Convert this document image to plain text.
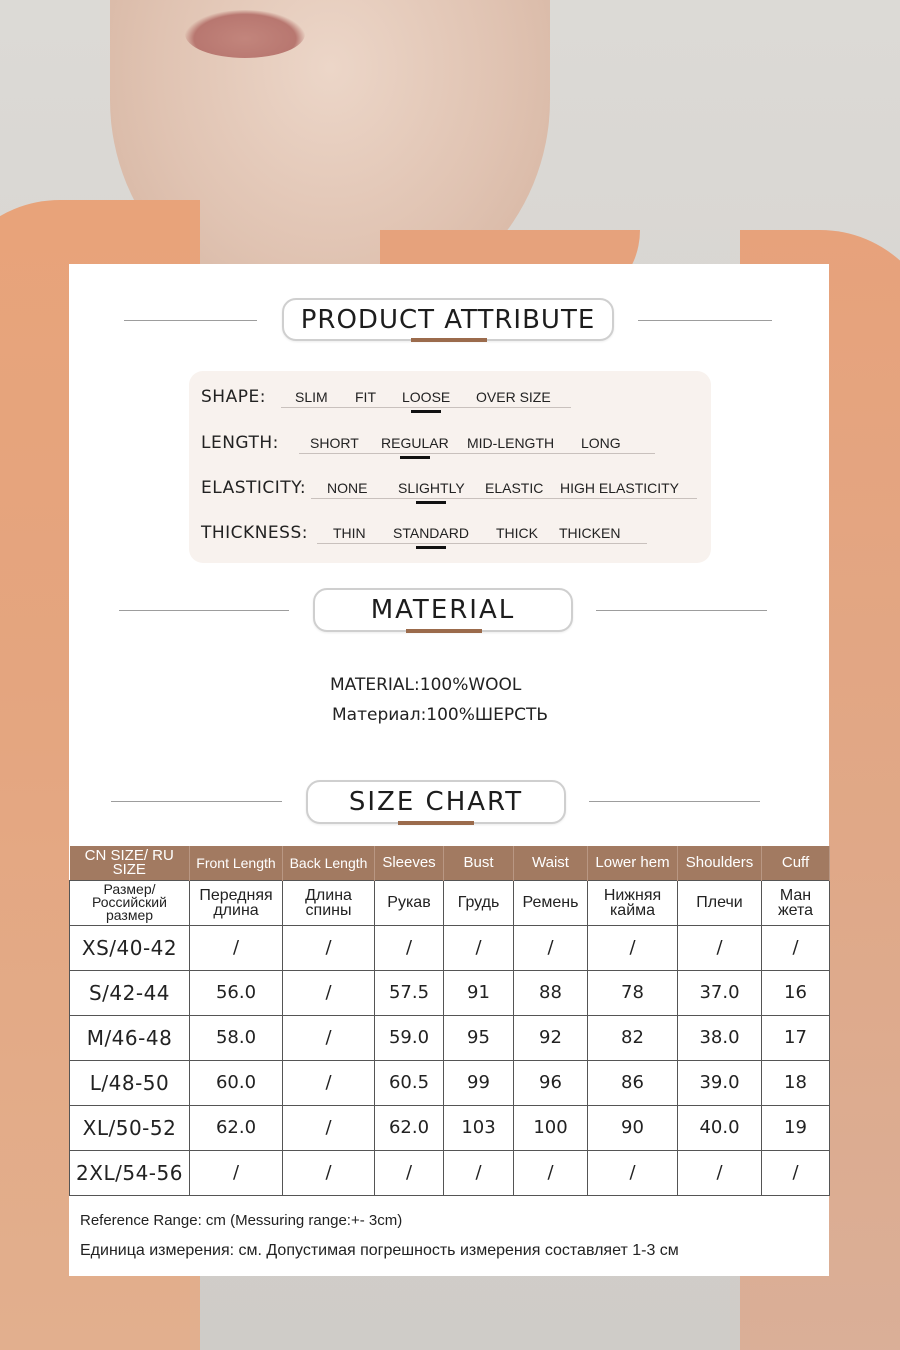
PRODUCT ATTRIBUTE
SHAPE: SLIM FIT LOOSE OVER SIZE
LENGTH: SHORT REGULAR MID-LENGTH LONG
ELASTICITY: NONE SLIGHTLY ELASTIC HIGH ELASTICITY
THICKNESS: THIN STANDARD THICK THICKEN
MATERIAL
MATERIAL:100%WOOL
Материал:100%ШЕРСТЬ
SIZE CHART
CN SIZE/ RU SIZE	Front Length	Back Length	Sleeves	Bust	Waist	Lower hem	Shoulders	Cuff
Размер/ Российский размер	Передняя длина	Длина спины	Рукав	Грудь	Ремень	Нижняя кайма	Плечи	Ман жета
XS/40-42	/	/	/	/	/	/	/	/
S/42-44	56.0	/	57.5	91	88	78	37.0	16
M/46-48	58.0	/	59.0	95	92	82	38.0	17
L/48-50	60.0	/	60.5	99	96	86	39.0	18
XL/50-52	62.0	/	62.0	103	100	90	40.0	19
2XL/54-56	/	/	/	/	/	/	/	/
Reference Range: cm (Messuring range:+- 3cm)
Единица измерения: см. Допустимая погрешность измерения составляет 1-3 см
